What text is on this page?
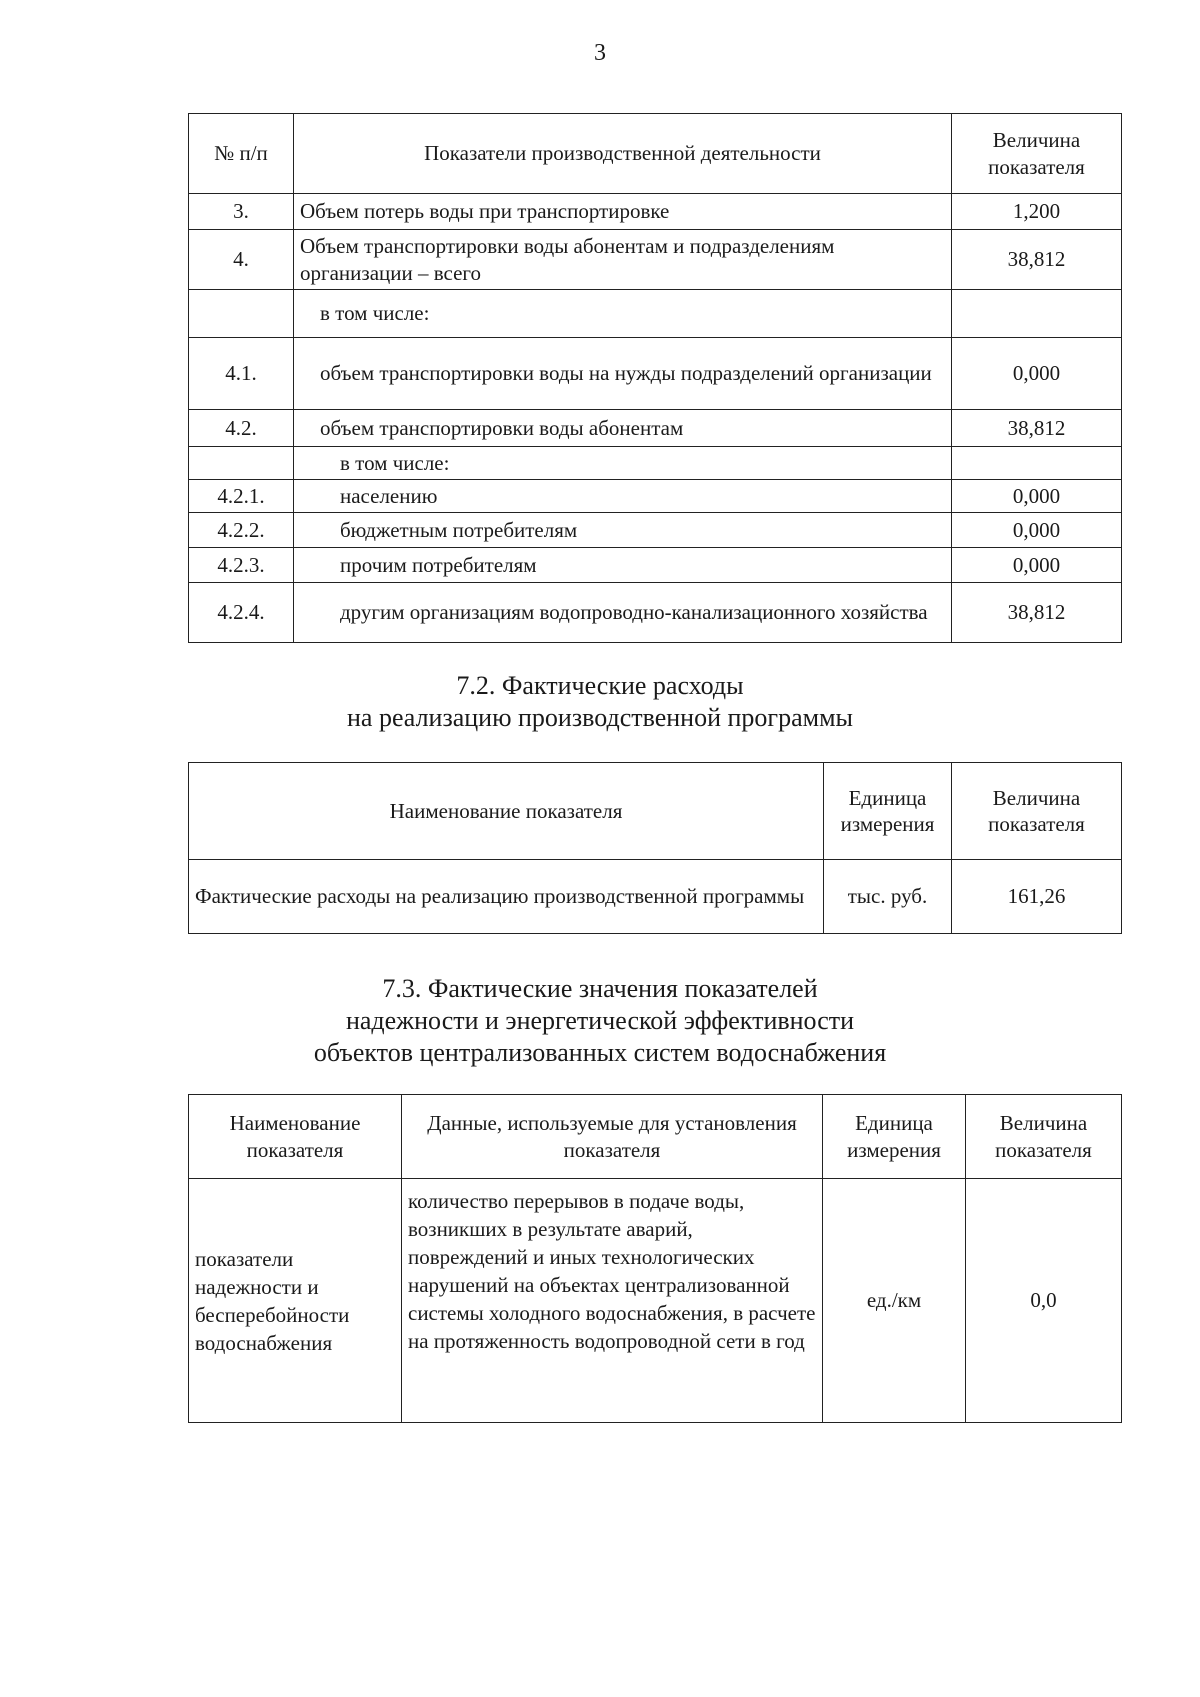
3
№ п/п	Показатели производственной деятельности	Величина показателя
3.	Объем потерь воды при транспортировке	1,200
4.	Объем транспортировки воды абонентам и подразделениям организации – всего	38,812
	в том числе:	
4.1.	объем транспортировки воды на нужды подразделений организации	0,000
4.2.	объем транспортировки воды абонентам	38,812
	в том числе:	
4.2.1.	населению	0,000
4.2.2.	бюджетным потребителям	0,000
4.2.3.	прочим потребителям	0,000
4.2.4.	другим организациям водопроводно-канализационного хозяйства	38,812
7.2. Фактические расходы
на реализацию производственной программы
Наименование показателя	Единица измерения	Величина показателя
Фактические расходы на реализацию производственной программы	тыс. руб.	161,26
7.3. Фактические значения показателей
надежности и энергетической эффективности
объектов централизованных систем водоснабжения
Наименование показателя	Данные, используемые для установления показателя	Единица измерения	Величина показателя
показатели надежности и бесперебойности водоснабжения	количество перерывов в подаче воды, возникших в результате аварий, повреждений и иных технологических нарушений на объектах централизованной системы холодного водоснабжения, в расчете на протяженность водопроводной сети в год	ед./км	0,0
